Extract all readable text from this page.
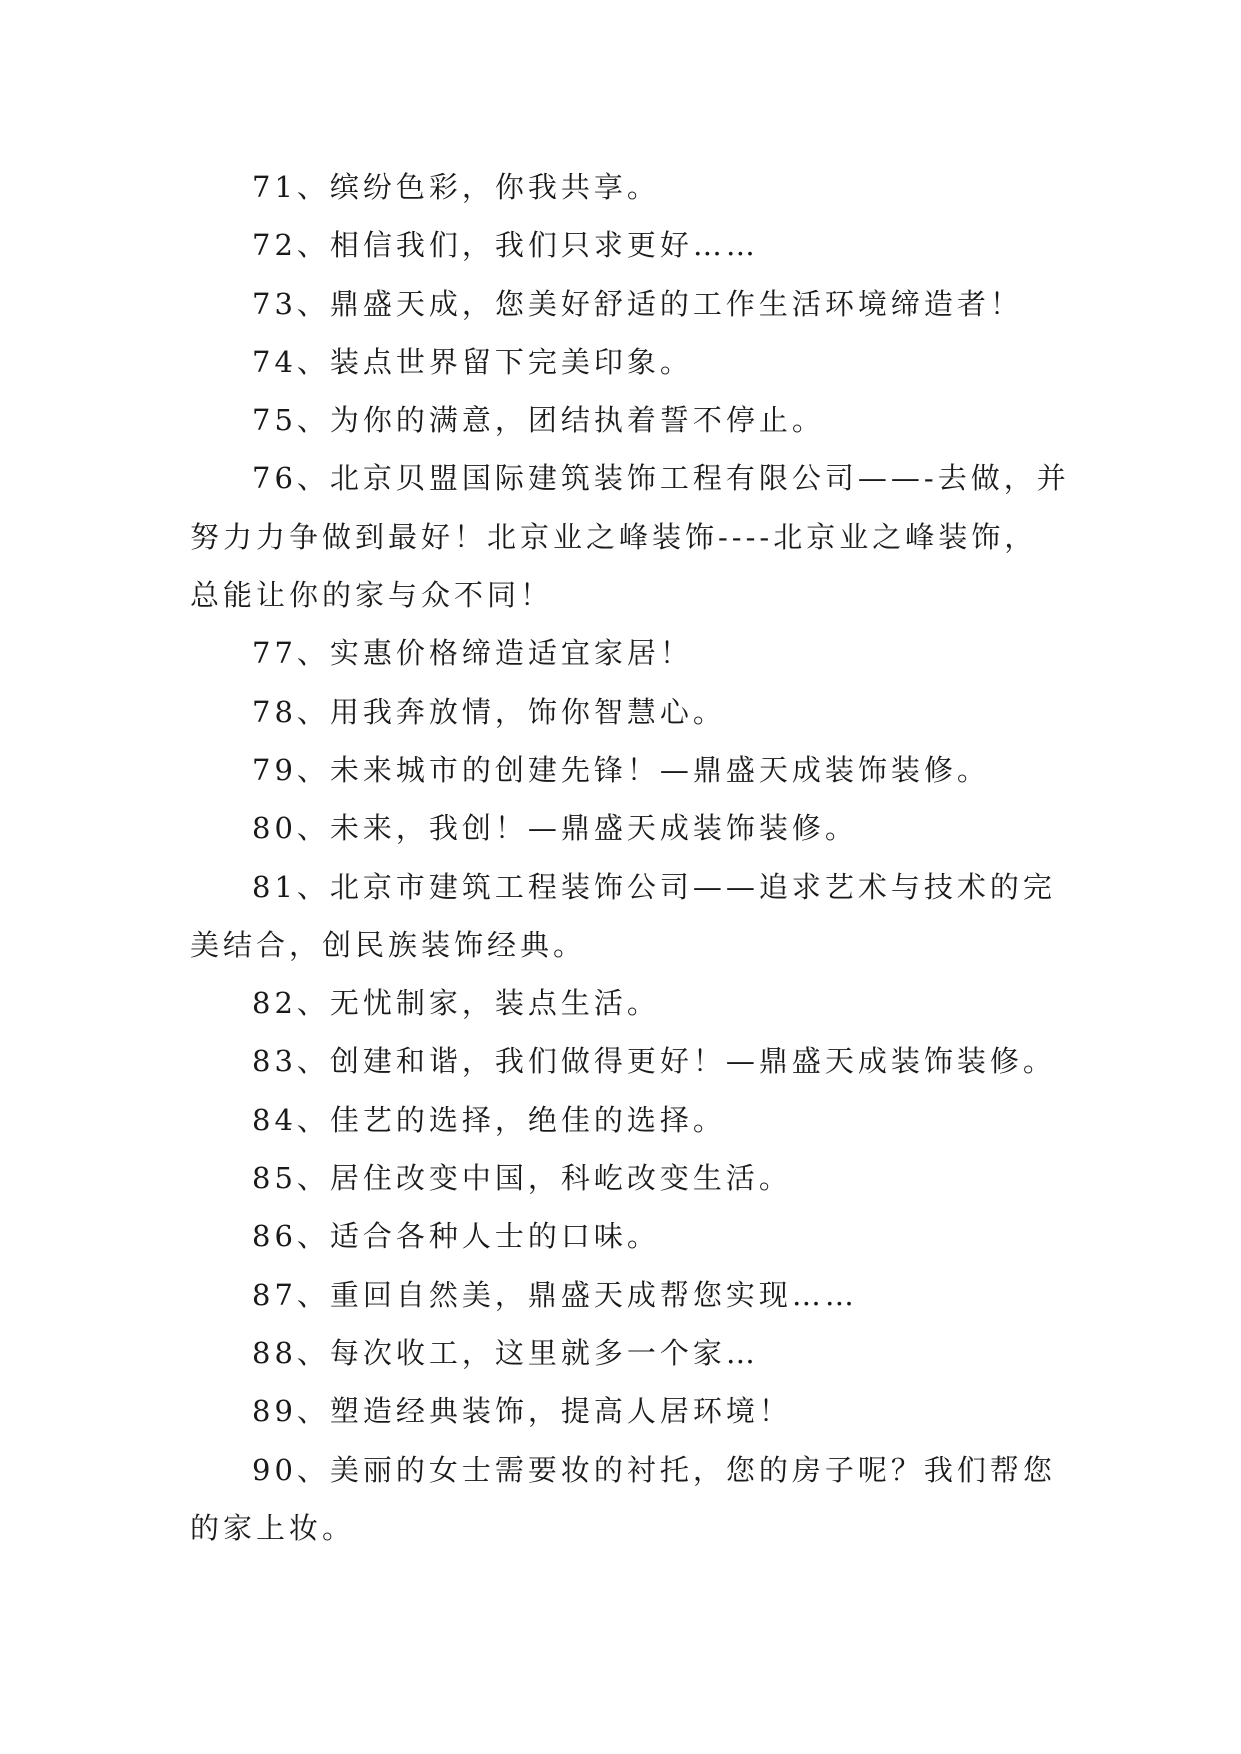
71、缤纷色彩，你我共享。

72、相信我们，我们只求更好……

73、鼎盛天成，您美好舒适的工作生活环境缔造者！

74、装点世界留下完美印象。

75、为你的满意，团结执着誓不停止。

76、北京贝盟国际建筑装饰工程有限公司——-去做，并努力力争做到最好！北京业之峰装饰----北京业之峰装饰，总能让你的家与众不同！

77、实惠价格缔造适宜家居！

78、用我奔放情，饰你智慧心。

79、未来城市的创建先锋！—鼎盛天成装饰装修。

80、未来，我创！—鼎盛天成装饰装修。

81、北京市建筑工程装饰公司——追求艺术与技术的完美结合，创民族装饰经典。

82、无忧制家，装点生活。

83、创建和谐，我们做得更好！—鼎盛天成装饰装修。

84、佳艺的选择，绝佳的选择。

85、居住改变中国，科屹改变生活。

86、适合各种人士的口味。

87、重回自然美，鼎盛天成帮您实现……

88、每次收工，这里就多一个家…

89、塑造经典装饰，提高人居环境！

90、美丽的女士需要妆的衬托，您的房子呢？我们帮您的家上妆。
